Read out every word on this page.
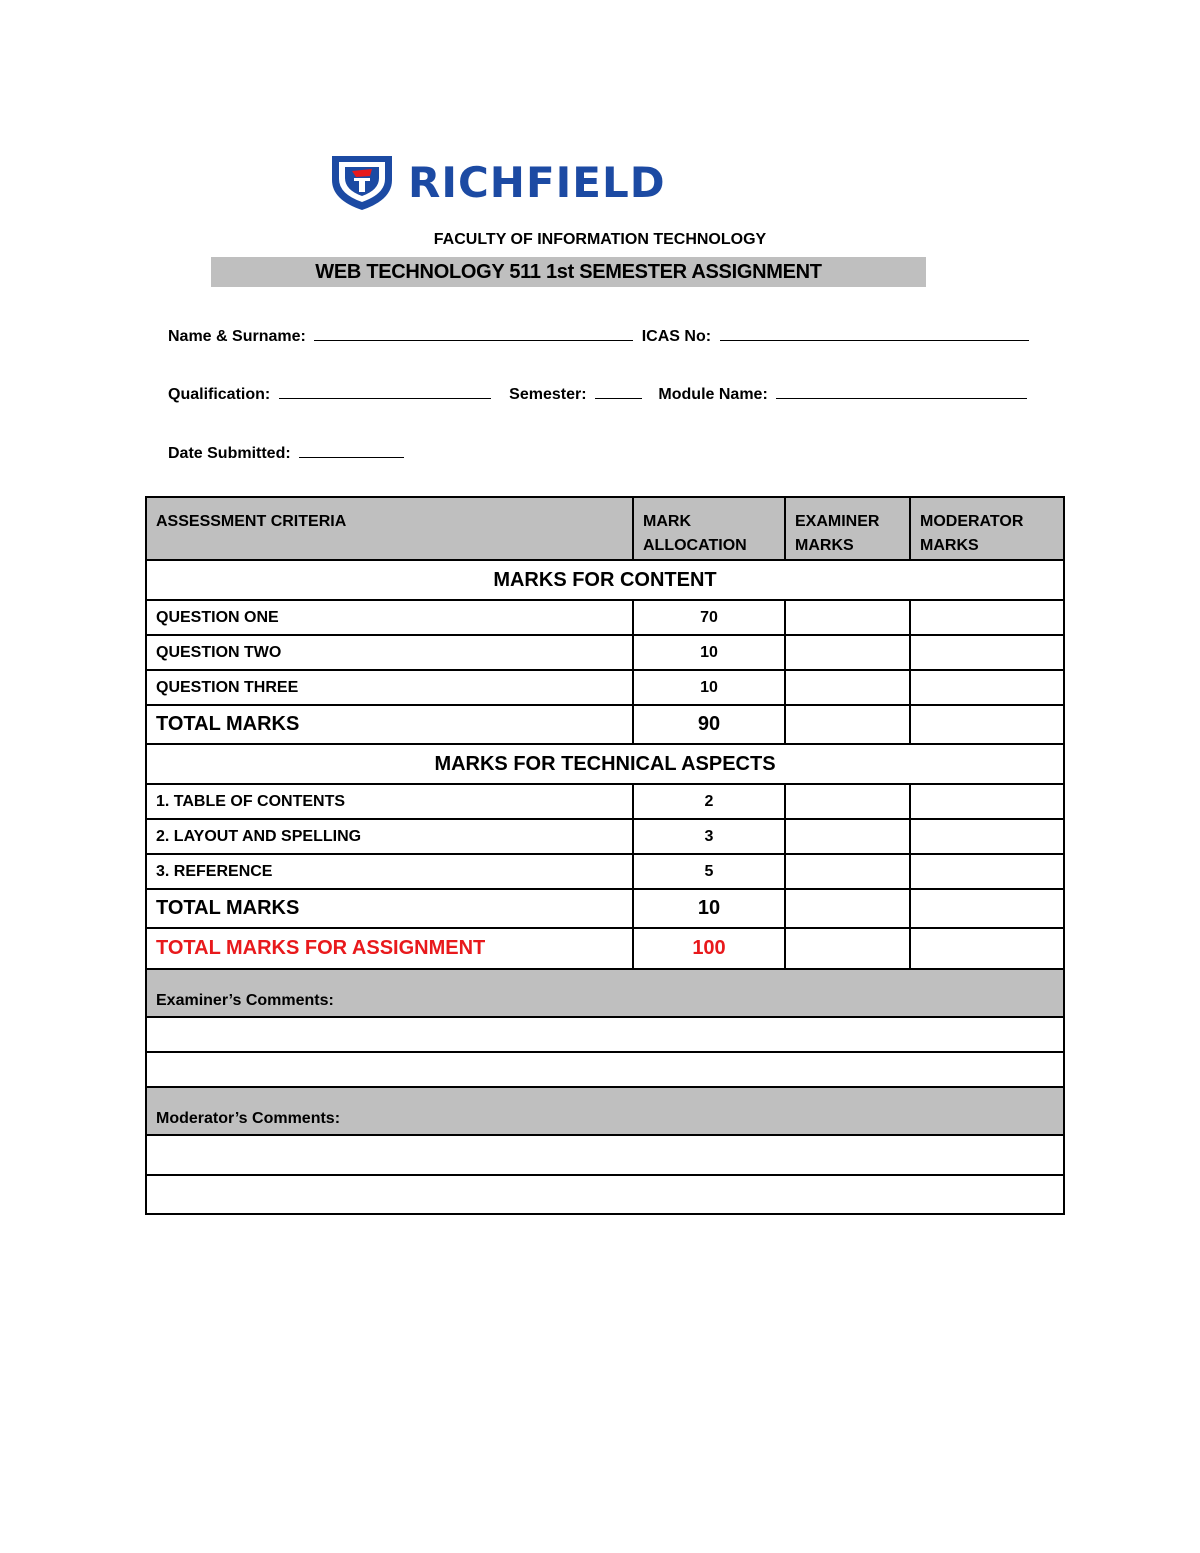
RICHFIELD
FACULTY OF INFORMATION TECHNOLOGY
WEB TECHNOLOGY 511 1st SEMESTER ASSIGNMENT
Name & Surname:	ICAS No:
Qualification:	Semester:	Module Name:
Date Submitted:
ASSESSMENT CRITERIA	MARK ALLOCATION	EXAMINER MARKS	MODERATOR MARKS
MARKS FOR CONTENT			
QUESTION ONE	70		
QUESTION TWO	10		
QUESTION THREE	10		
TOTAL MARKS	90		
MARKS FOR TECHNICAL ASPECTS			
1. TABLE OF CONTENTS	2		
2. LAYOUT AND SPELLING	3		
3. REFERENCE	5		
TOTAL MARKS	10		
TOTAL MARKS FOR ASSIGNMENT	100		
Examiner’s Comments:			

Moderator’s Comments:			
